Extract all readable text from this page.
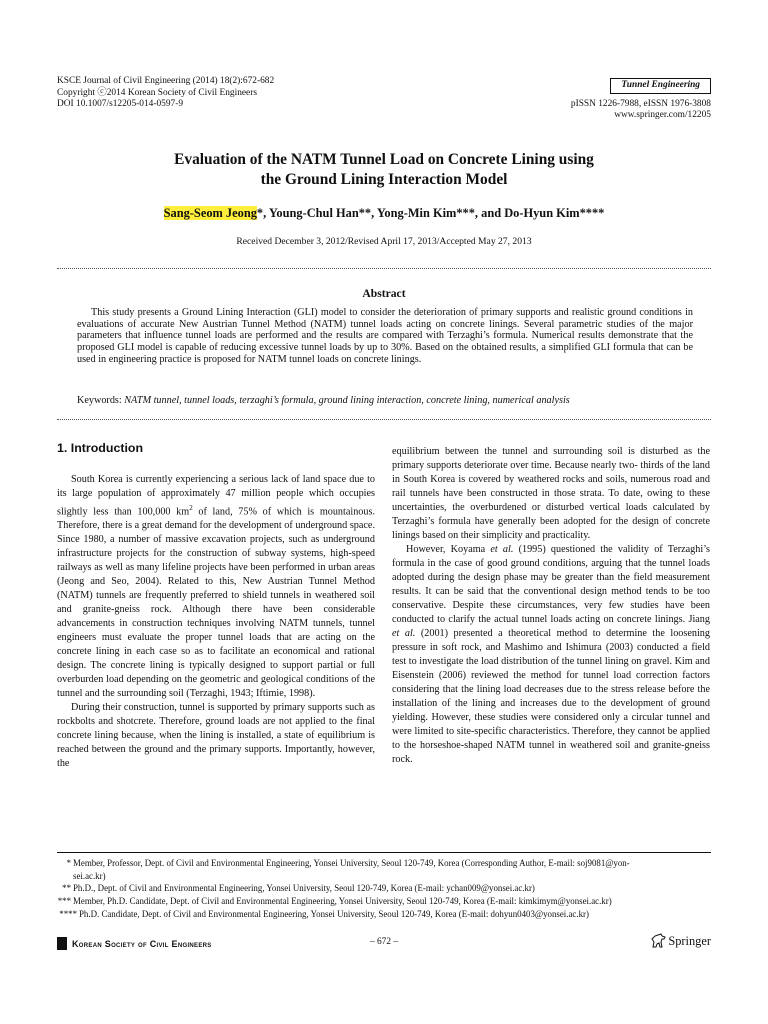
KSCE Journal of Civil Engineering (2014) 18(2):672-682
Copyright ⓒ2014 Korean Society of Civil Engineers
DOI 10.1007/s12205-014-0597-9
Tunnel Engineering
pISSN 1226-7988, eISSN 1976-3808
www.springer.com/12205
Evaluation of the NATM Tunnel Load on Concrete Lining using
the Ground Lining Interaction Model
Sang-Seom Jeong*, Young-Chul Han**, Yong-Min Kim***, and Do-Hyun Kim****
Received December 3, 2012/Revised April 17, 2013/Accepted May 27, 2013
Abstract

This study presents a Ground Lining Interaction (GLI) model to consider the deterioration of primary supports and realistic ground conditions in evaluations of accurate New Austrian Tunnel Method (NATM) tunnel loads acting on concrete linings. Several parametric studies of the major parameters that influence tunnel loads are performed and the results are compared with Terzaghi’s formula. Numerical results demonstrate that the proposed GLI model is capable of reducing excessive tunnel loads by up to 30%. Based on the obtained results, a simplified GLI formula that can be used in engineering practice is proposed for NATM tunnel loads on concrete linings.

Keywords: NATM tunnel, tunnel loads, terzaghi’s formula, ground lining interaction, concrete lining, numerical analysis
1. Introduction

South Korea is currently experiencing a serious lack of land space due to its large population of approximately 47 million people which occupies slightly less than 100,000 $km^2$ of land, 75% of which is mountainous. Therefore, there is a great demand for the development of underground space. Since 1980, a number of massive excavation projects, such as underground infrastructure projects for the construction of subway systems, high-speed railways as well as many lifeline projects have been performed in urban areas (Jeong and Seo, 2004). Related to this, New Austrian Tunnel Method (NATM) tunnels are frequently preferred to shield tunnels in weathered soil and granite-gneiss rock. Although there have been considerable advancements in construction techniques involving NATM tunnels, tunnel engineers must evaluate the proper tunnel loads that are acting on the concrete lining in each case so as to facilitate an economical and rational design. The concrete lining is typically designed to support partial or full overburden load depending on the geometric and geological conditions of the tunnel and the surrounding soil (Terzaghi, 1943; Iftimie, 1998).

During their construction, tunnel is supported by primary supports such as rockbolts and shotcrete. Therefore, ground loads are not applied to the final concrete lining because, when the lining is installed, a state of equilibrium is reached between the ground and the primary supports. Importantly, however, the

equilibrium between the tunnel and surrounding soil is disturbed as the primary supports deteriorate over time. Because nearly two- thirds of the land in South Korea is covered by weathered rocks and soils, numerous road and rail tunnels have been constructed in those strata. To date, owing to these uncertainties, the overburdened or disturbed vertical loads calculated by Terzaghi’s formula have generally been adopted for the design of concrete linings based on their simplicity and practicality.

However, Koyama et al. (1995) questioned the validity of Terzaghi’s formula in the case of good ground conditions, arguing that the tunnel loads adopted during the design phase may be greater than the field measurement results. It can be said that the conventional design method tends to be too conservative. Despite these circumstances, very few studies have been conducted to clarify the actual tunnel loads acting on concrete linings. Jiang et al. (2001) presented a theoretical method to determine the loosening pressure in soft rock, and Mashimo and Ishimura (2003) conducted a field test to investigate the load distribution of the tunnel lining on gravel. Kim and Eisenstein (2006) reviewed the method for tunnel load correction factors considering that the lining load decreases due to the stress release before the installation of the lining and increases due to the development of ground yielding. However, these studies were considered only a circular tunnel and were limited to site-specific characteristics. Therefore, they cannot be applied to the horseshoe-shaped NATM tunnel in weathered soil and granite-gneiss rock.

* Member, Professor, Dept. of Civil and Environmental Engineering, Yonsei University, Seoul 120-749, Korea (Corresponding Author, E-mail: soj9081@yon-
sei.ac.kr)
** Ph.D., Dept. of Civil and Environmental Engineering, Yonsei University, Seoul 120-749, Korea (E-mail: ychan009@yonsei.ac.kr)
*** Member, Ph.D. Candidate, Dept. of Civil and Environmental Engineering, Yonsei University, Seoul 120-749, Korea (E-mail: kimkimym@yonsei.ac.kr)
**** Ph.D. Candidate, Dept. of Civil and Environmental Engineering, Yonsei University, Seoul 120-749, Korea (E-mail: dohyun0403@yonsei.ac.kr)
Korean Society of Civil Engineers	– 672 –	Springer
